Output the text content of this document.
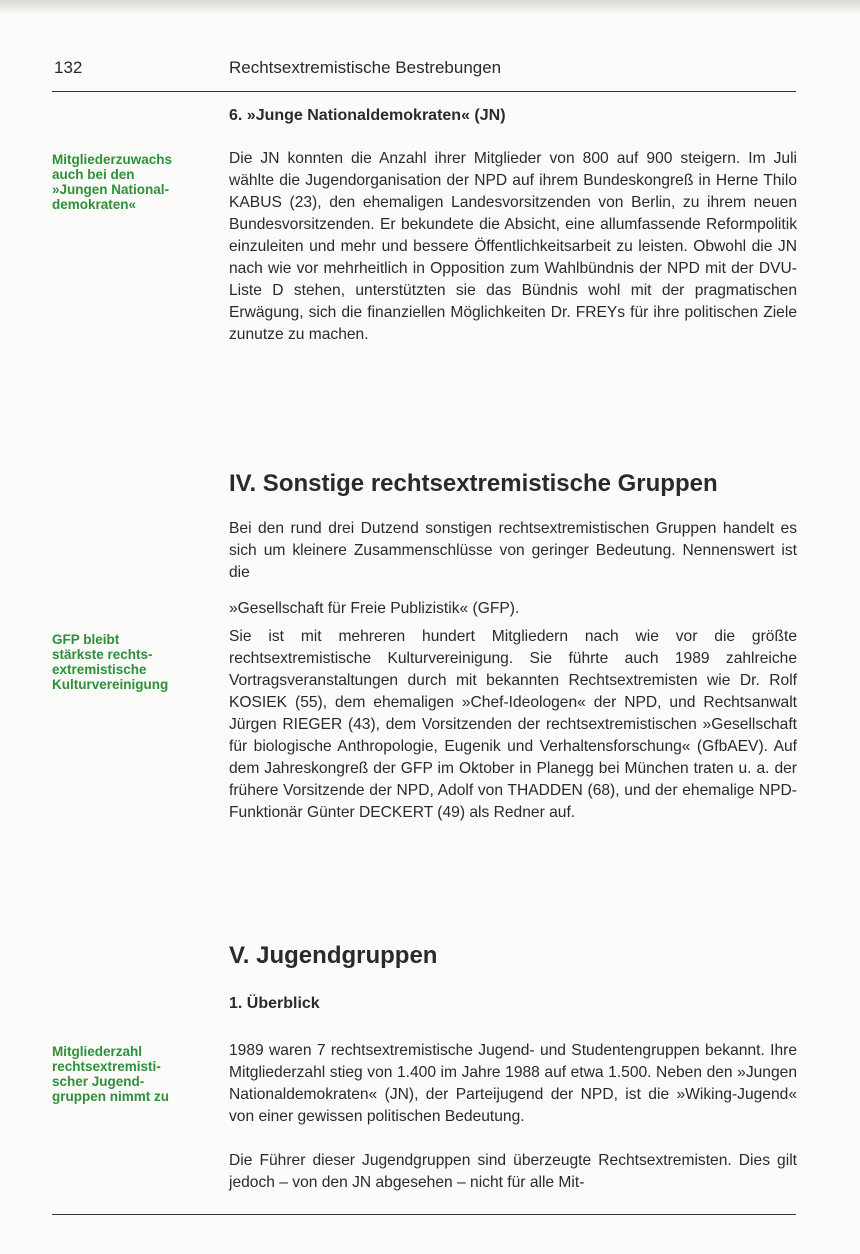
132	Rechtsextremistische Bestrebungen
6. »Junge Nationaldemokraten« (JN)
Mitgliederzuwachs
auch bei den
»Jungen National-
demokraten«

Die JN konnten die Anzahl ihrer Mitglieder von 800 auf 900 steigern. Im Juli wählte die Jugendorganisation der NPD auf ihrem Bundeskongreß in Herne Thilo KABUS (23), den ehemaligen Landesvorsitzenden von Berlin, zu ihrem neuen Bundesvorsitzenden. Er bekundete die Absicht, eine allumfassende Reformpolitik einzuleiten und mehr und bessere Öffentlichkeitsarbeit zu leisten. Obwohl die JN nach wie vor mehrheitlich in Opposition zum Wahlbündnis der NPD mit der DVU-Liste D stehen, unterstützten sie das Bündnis wohl mit der pragmatischen Erwägung, sich die finanziellen Möglichkeiten Dr. FREYs für ihre politischen Ziele zunutze zu machen.

IV. Sonstige rechtsextremistische Gruppen

Bei den rund drei Dutzend sonstigen rechtsextremistischen Gruppen handelt es sich um kleinere Zusammenschlüsse von geringer Bedeutung. Nennenswert ist die

»Gesellschaft für Freie Publizistik« (GFP).

GFP bleibt
stärkste rechts-
extremistische
Kulturvereinigung

Sie ist mit mehreren hundert Mitgliedern nach wie vor die größte rechtsextremistische Kulturvereinigung. Sie führte auch 1989 zahlreiche Vortragsveranstaltungen durch mit bekannten Rechtsextremisten wie Dr. Rolf KOSIEK (55), dem ehemaligen »Chef-Ideologen« der NPD, und Rechtsanwalt Jürgen RIEGER (43), dem Vorsitzenden der rechtsextremistischen »Gesellschaft für biologische Anthropologie, Eugenik und Verhaltensforschung« (GfbAEV). Auf dem Jahreskongreß der GFP im Oktober in Planegg bei München traten u. a. der frühere Vorsitzende der NPD, Adolf von THADDEN (68), und der ehemalige NPD-Funktionär Günter DECKERT (49) als Redner auf.

V. Jugendgruppen
1. Überblick
Mitgliederzahl
rechtsextremisti-
scher Jugend-
gruppen nimmt zu

1989 waren 7 rechtsextremistische Jugend- und Studentengruppen bekannt. Ihre Mitgliederzahl stieg von 1.400 im Jahre 1988 auf etwa 1.500. Neben den »Jungen Nationaldemokraten« (JN), der Parteijugend der NPD, ist die »Wiking-Jugend« von einer gewissen politischen Bedeutung.

Die Führer dieser Jugendgruppen sind überzeugte Rechtsextremisten. Dies gilt jedoch – von den JN abgesehen – nicht für alle Mit-
